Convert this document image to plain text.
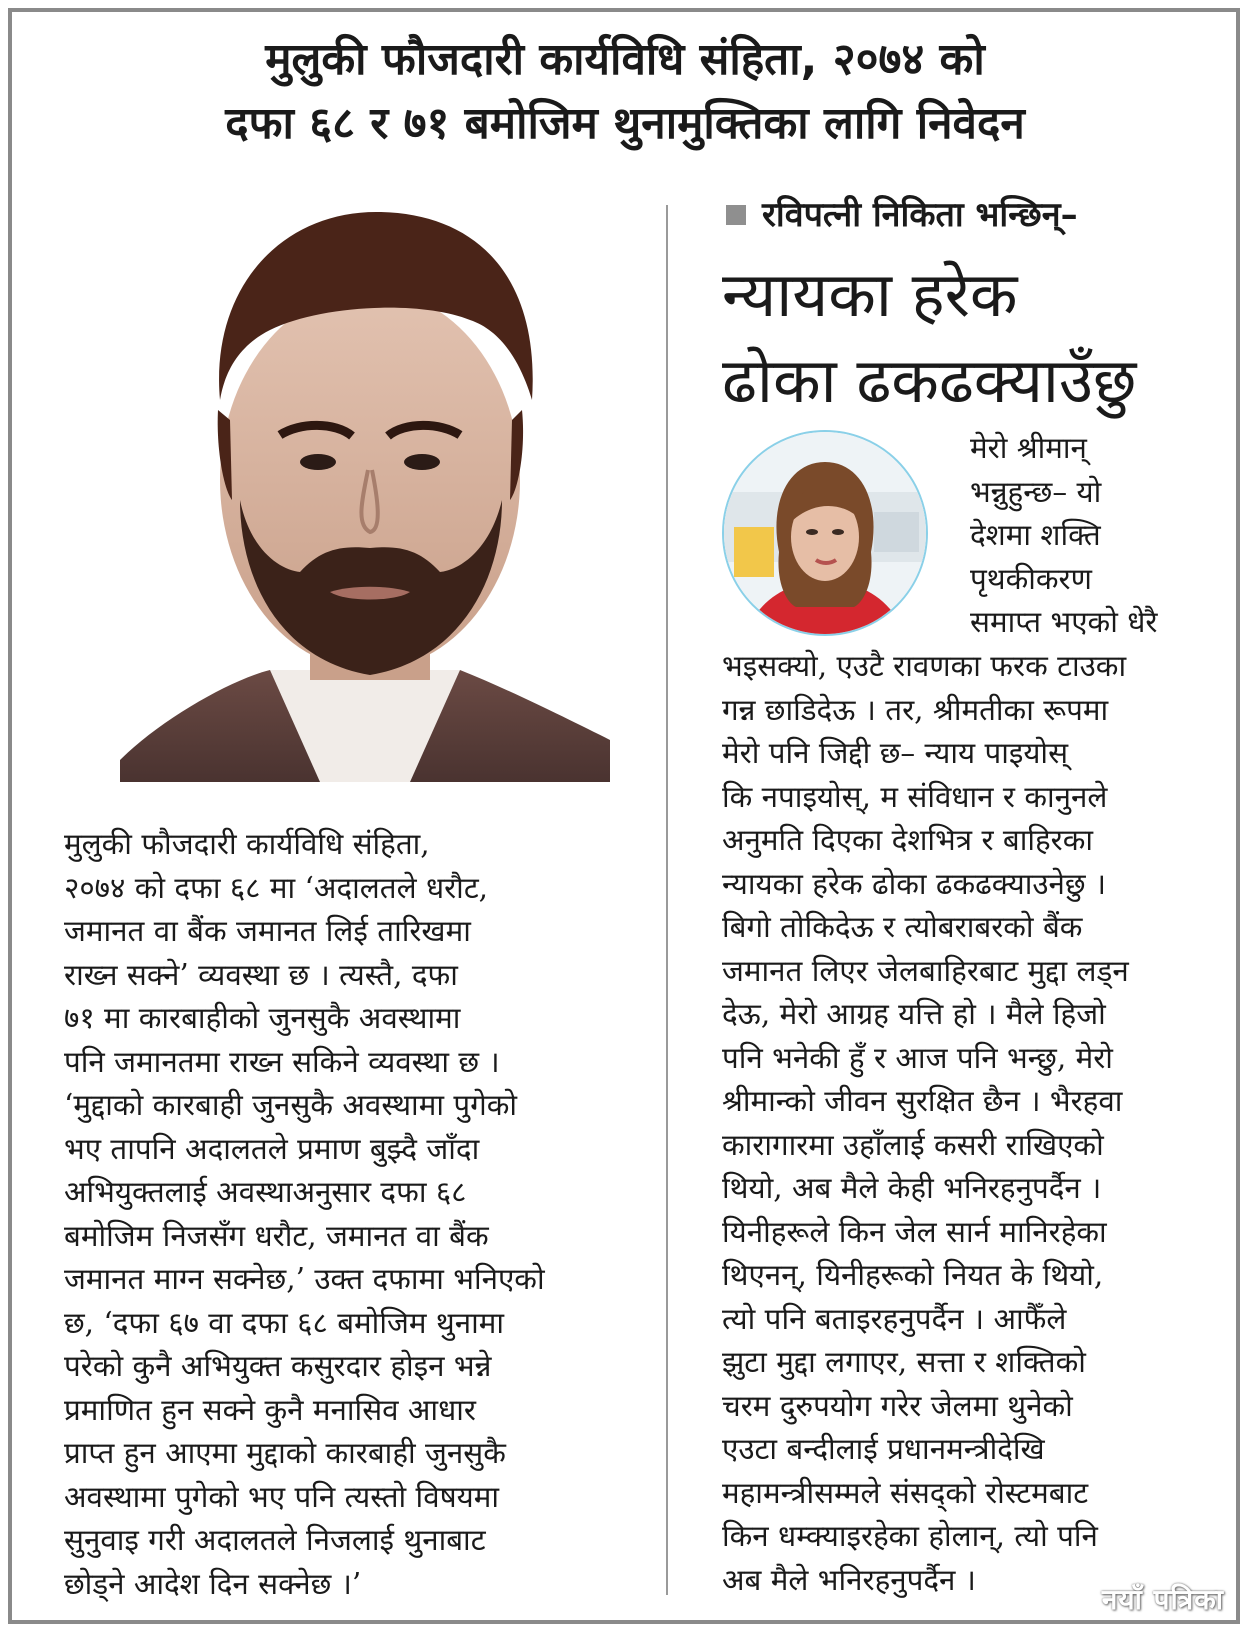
मुलुकी फौजदारी कार्यविधि संहिता, २०७४ को
दफा ६८ र ७१ बमोजिम थुनामुक्तिका लागि निवेदन
रविपत्नी निकिता भन्छिन्–
न्यायका हरेक
ढोका ढकढक्याउँछु
मुलुकी फौजदारी कार्यविधि संहिता,
२०७४ को दफा ६८ मा ‘अदालतले धरौट,
जमानत वा बैंक जमानत लिई तारिखमा
राख्न सक्ने’ व्यवस्था छ । त्यस्तै, दफा
७१ मा कारबाहीको जुनसुकै अवस्थामा
पनि जमानतमा राख्न सकिने व्यवस्था छ ।
‘मुद्दाको कारबाही जुनसुकै अवस्थामा पुगेको
भए तापनि अदालतले प्रमाण बुझ्दै जाँदा
अभियुक्तलाई अवस्थाअनुसार दफा ६८
बमोजिम निजसँग धरौट, जमानत वा बैंक
जमानत माग्न सक्नेछ,’ उक्त दफामा भनिएको
छ, ‘दफा ६७ वा दफा ६८ बमोजिम थुनामा
परेको कुनै अभियुक्त कसुरदार होइन भन्ने
प्रमाणित हुन सक्ने कुनै मनासिव आधार
प्राप्त हुन आएमा मुद्दाको कारबाही जुनसुकै
अवस्थामा पुगेको भए पनि त्यस्तो विषयमा
सुनुवाइ गरी अदालतले निजलाई थुनाबाट
छोड्ने आदेश दिन सक्नेछ ।’
मेरो श्रीमान्
भन्नुहुन्छ– यो
देशमा शक्ति
पृथकीकरण
समाप्त भएको धेरै
भइसक्यो, एउटै रावणका फरक टाउका
गन्न छाडिदेऊ । तर, श्रीमतीका रूपमा
मेरो पनि जिद्दी छ– न्याय पाइयोस्
कि नपाइयोस्, म संविधान र कानुनले
अनुमति दिएका देशभित्र र बाहिरका
न्यायका हरेक ढोका ढकढक्याउनेछु ।
बिगो तोकिदेऊ र त्योबराबरको बैंक
जमानत लिएर जेलबाहिरबाट मुद्दा लड्न
देऊ, मेरो आग्रह यत्ति हो । मैले हिजो
पनि भनेकी हुँ र आज पनि भन्छु, मेरो
श्रीमान्को जीवन सुरक्षित छैन । भैरहवा
कारागारमा उहाँलाई कसरी राखिएको
थियो, अब मैले केही भनिरहनुपर्दैन ।
यिनीहरूले किन जेल सार्न मानिरहेका
थिएनन्, यिनीहरूको नियत के थियो,
त्यो पनि बताइरहनुपर्दैन । आफैँले
झुटा मुद्दा लगाएर, सत्ता र शक्तिको
चरम दुरुपयोग गरेर जेलमा थुनेको
एउटा बन्दीलाई प्रधानमन्त्रीदेखि
महामन्त्रीसम्मले संसद्को रोस्टमबाट
किन धम्क्याइरहेका होलान्, त्यो पनि
अब मैले भनिरहनुपर्दैन ।
नयाँ पत्रिका
